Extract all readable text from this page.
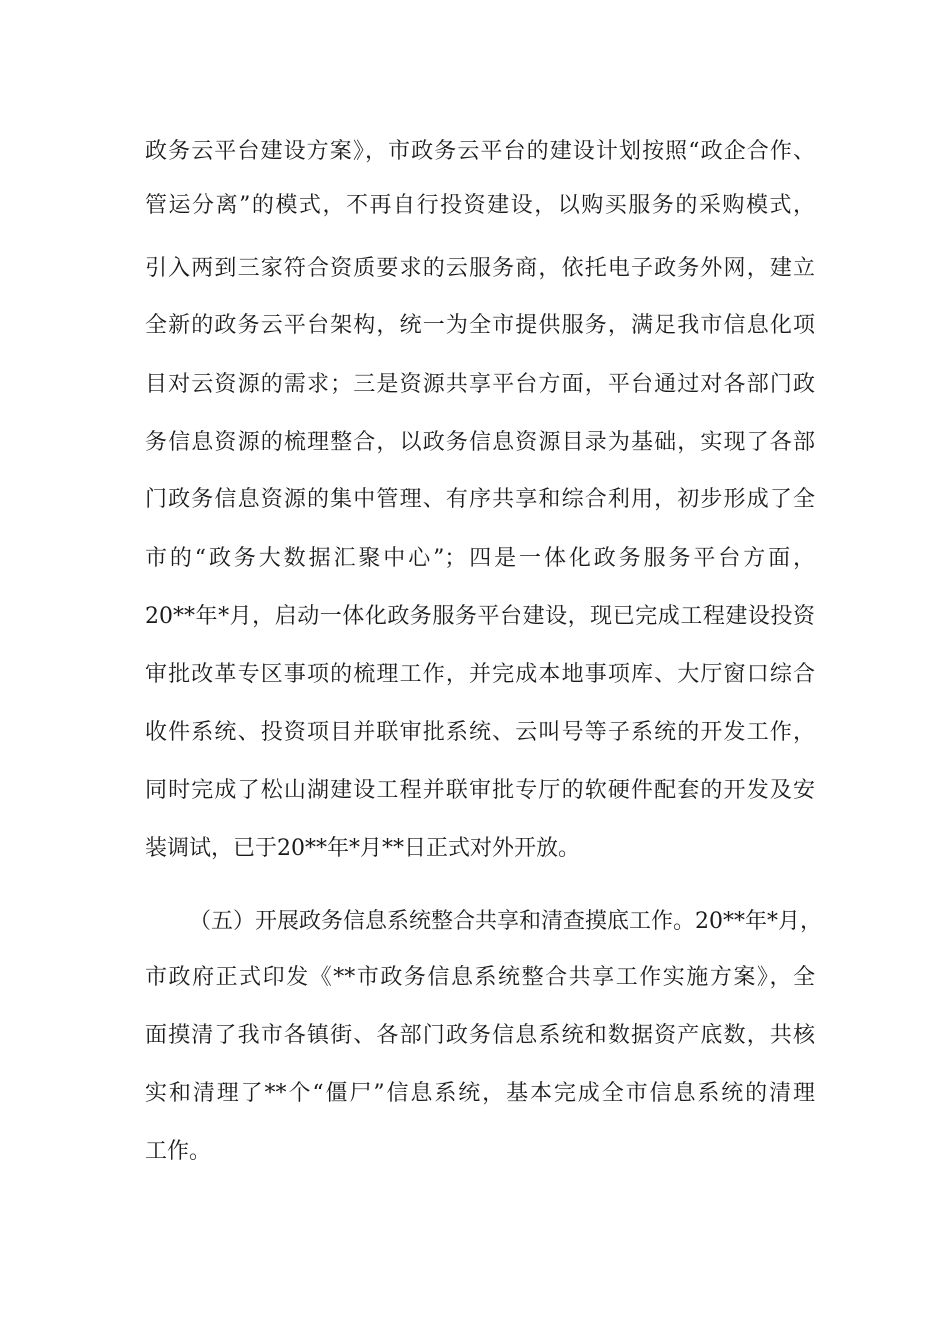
政务云平台建设方案》，市政务云平台的建设计划按照“政企合作、
管运分离”的模式，不再自行投资建设，以购买服务的采购模式，
引入两到三家符合资质要求的云服务商，依托电子政务外网，建立
全新的政务云平台架构，统一为全市提供服务，满足我市信息化项
目对云资源的需求；三是资源共享平台方面，平台通过对各部门政
务信息资源的梳理整合，以政务信息资源目录为基础，实现了各部
门政务信息资源的集中管理、有序共享和综合利用，初步形成了全
市的“政务大数据汇聚中心”；四是一体化政务服务平台方面，
20**年*月，启动一体化政务服务平台建设，现已完成工程建设投资
审批改革专区事项的梳理工作，并完成本地事项库、大厅窗口综合
收件系统、投资项目并联审批系统、云叫号等子系统的开发工作，
同时完成了松山湖建设工程并联审批专厅的软硬件配套的开发及安
装调试，已于20**年*月**日正式对外开放。
（五）开展政务信息系统整合共享和清查摸底工作。20**年*月，
市政府正式印发《**市政务信息系统整合共享工作实施方案》，全
面摸清了我市各镇街、各部门政务信息系统和数据资产底数，共核
实和清理了**个“僵尸”信息系统，基本完成全市信息系统的清理
工作。
